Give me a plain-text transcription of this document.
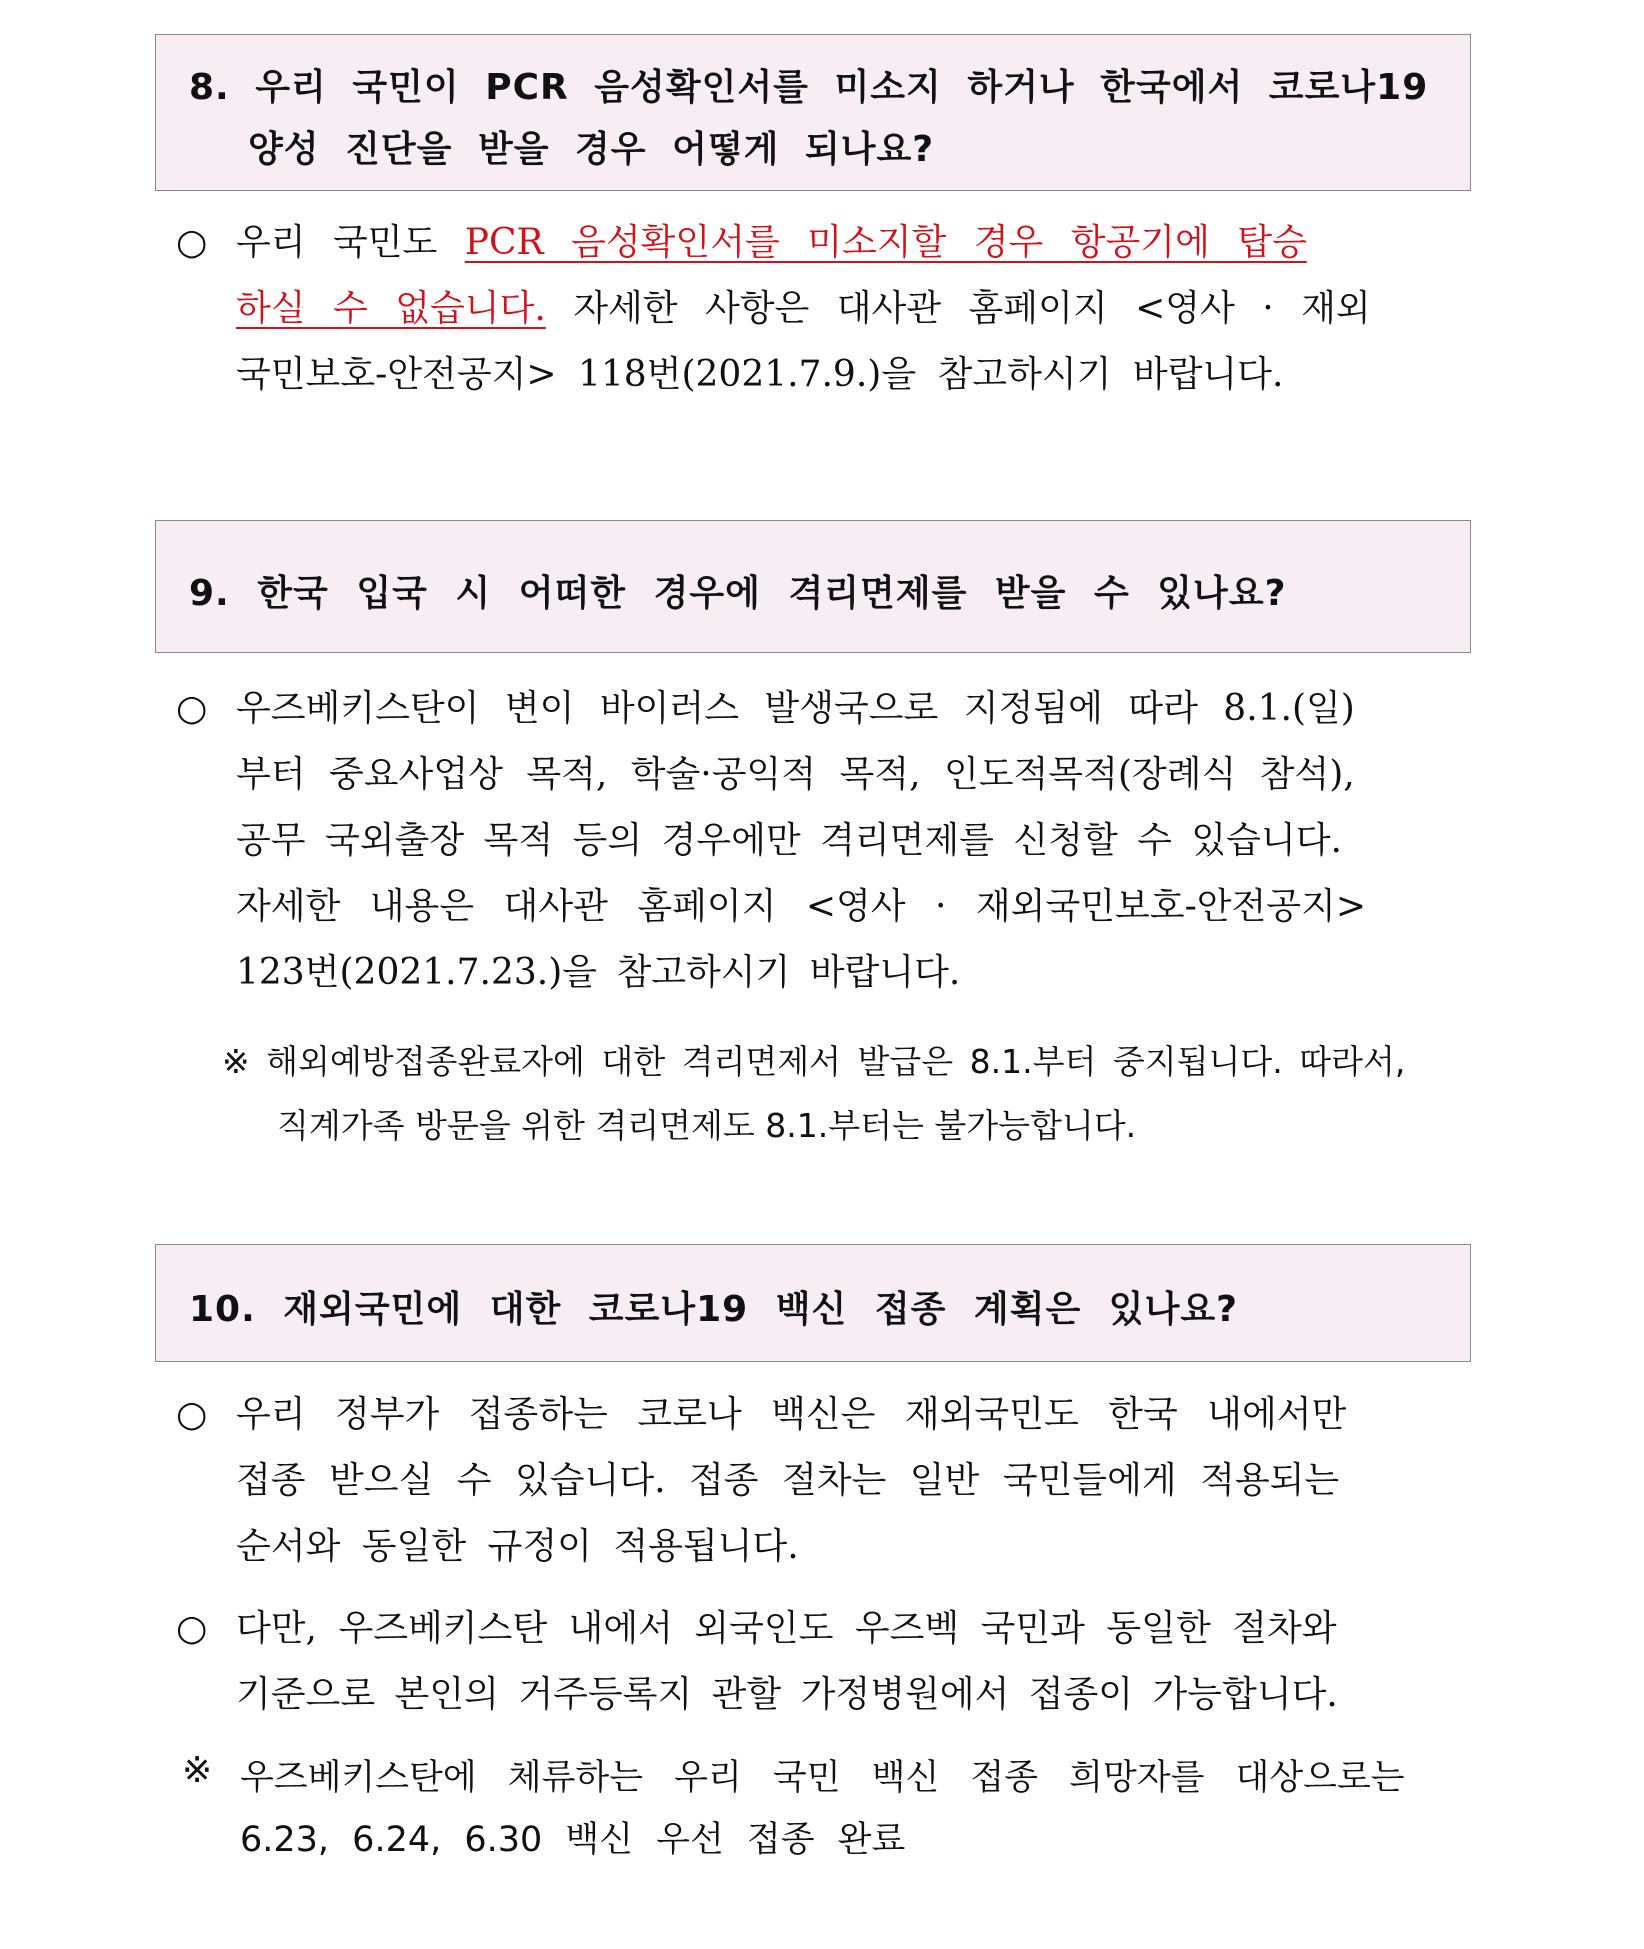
8. 우리 국민이 PCR 음성확인서를 미소지 하거나 한국에서 코로나19
양성 진단을 받을 경우 어떻게 되나요?
○ 우리 국민도 PCR 음성확인서를 미소지할 경우 항공기에 탑승
하실 수 없습니다. 자세한 사항은 대사관 홈페이지 <영사 · 재외
국민보호-안전공지> 118번(2021.7.9.)을 참고하시기 바랍니다.
9. 한국 입국 시 어떠한 경우에 격리면제를 받을 수 있나요?
○ 우즈베키스탄이 변이 바이러스 발생국으로 지정됨에 따라 8.1.(일)
부터 중요사업상 목적, 학술·공익적 목적, 인도적목적(장례식 참석),
공무 국외출장 목적 등의 경우에만 격리면제를 신청할 수 있습니다.
자세한 내용은 대사관 홈페이지 <영사 · 재외국민보호-안전공지>
123번(2021.7.23.)을 참고하시기 바랍니다.
※ 해외예방접종완료자에 대한 격리면제서 발급은 8.1.부터 중지됩니다. 따라서,
직계가족 방문을 위한 격리면제도 8.1.부터는 불가능합니다.
10. 재외국민에 대한 코로나19 백신 접종 계획은 있나요?
○ 우리 정부가 접종하는 코로나 백신은 재외국민도 한국 내에서만
접종 받으실 수 있습니다. 접종 절차는 일반 국민들에게 적용되는
순서와 동일한 규정이 적용됩니다.
○ 다만, 우즈베키스탄 내에서 외국인도 우즈벡 국민과 동일한 절차와
기준으로 본인의 거주등록지 관할 가정병원에서 접종이 가능합니다.
※ 우즈베키스탄에 체류하는 우리 국민 백신 접종 희망자를 대상으로는
6.23, 6.24, 6.30 백신 우선 접종 완료
